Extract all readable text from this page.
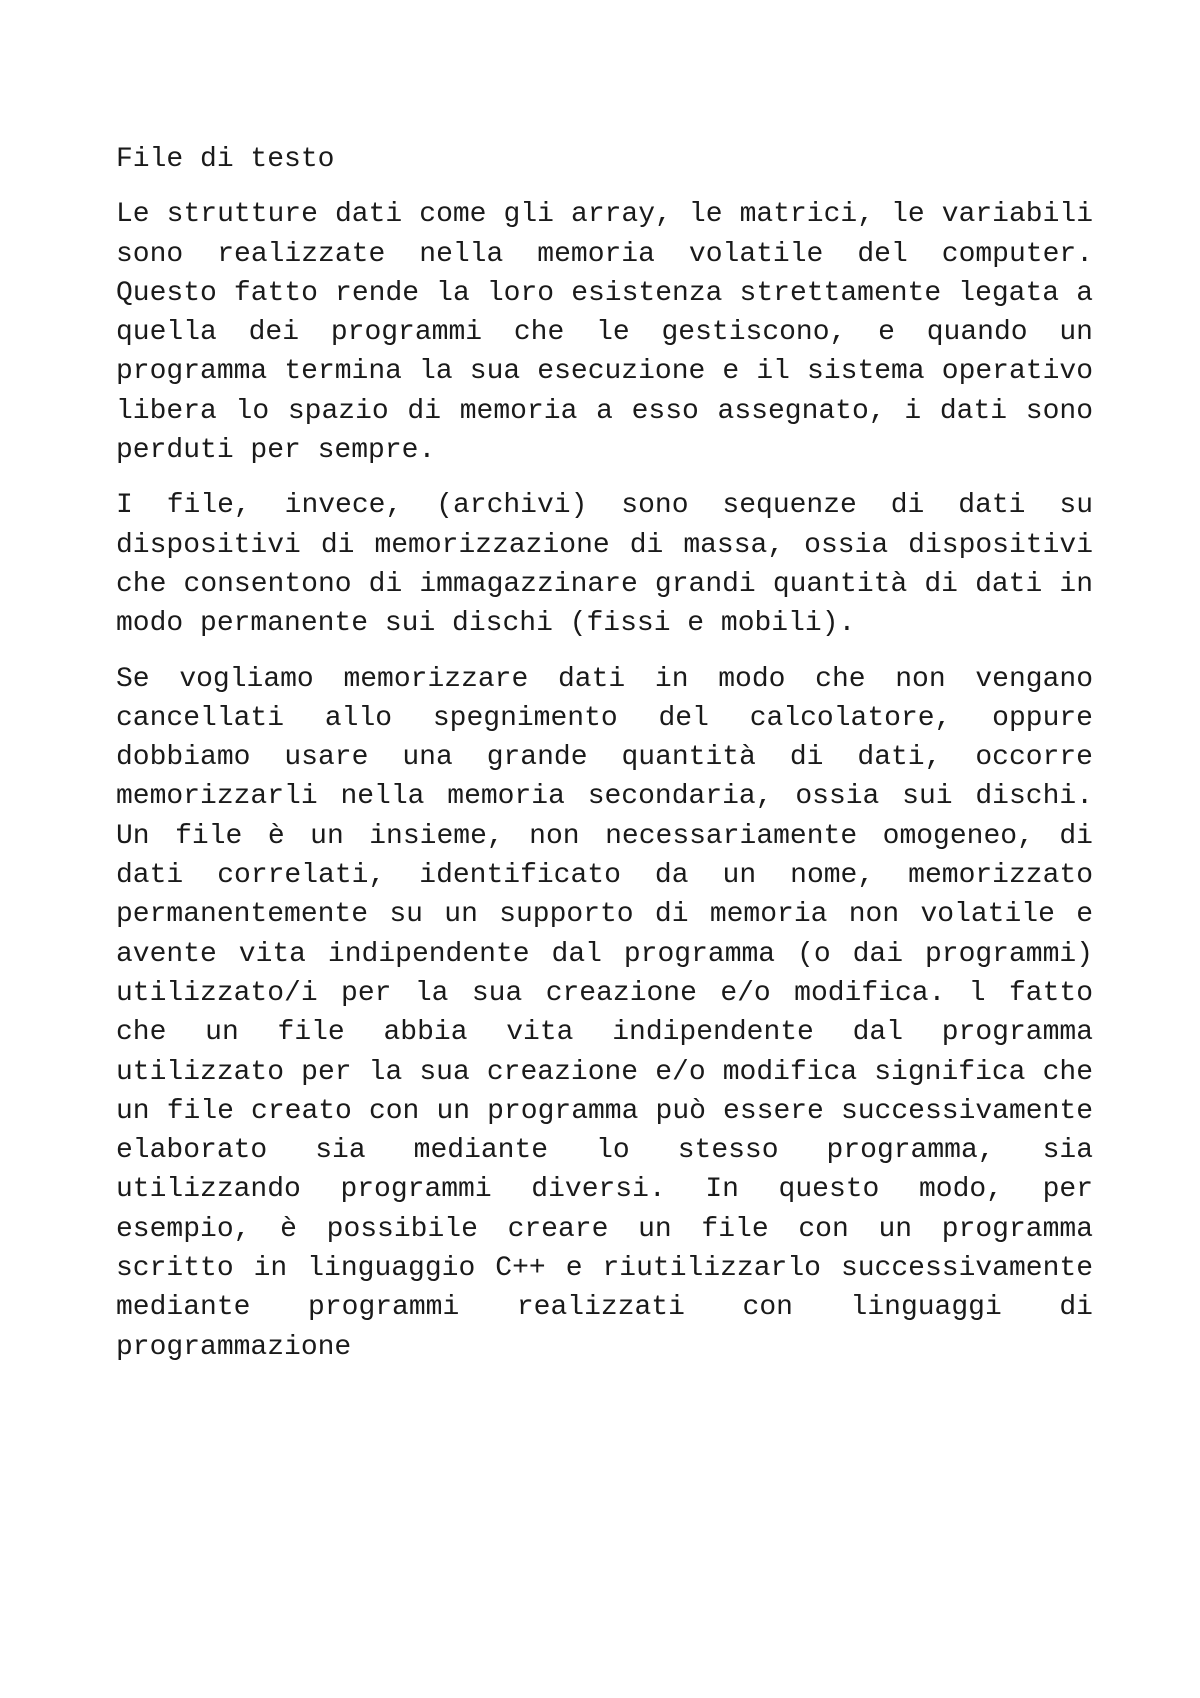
File di testo

Le strutture dati come gli array, le matrici, le variabili sono realizzate nella memoria volatile del computer. Questo fatto rende la loro esistenza strettamente legata a quella dei programmi che le gestiscono, e quando un programma termina la sua esecuzione e il sistema operativo libera lo spazio di memoria a esso assegnato, i dati sono perduti per sempre.

I file, invece, (archivi) sono sequenze di dati su dispositivi di memorizzazione di massa, ossia dispositivi che consentono di immagazzinare grandi quantità di dati in modo permanente sui dischi (fissi e mobili).

Se vogliamo memorizzare dati in modo che non vengano cancellati allo spegnimento del calcolatore, oppure dobbiamo usare una grande quantità di dati, occorre memorizzarli nella memoria secondaria, ossia sui dischi. Un file è un insieme, non necessariamente omogeneo, di dati correlati, identificato da un nome, memorizzato permanentemente su un supporto di memoria non volatile e avente vita indipendente dal programma (o dai programmi) utilizzato/i per la sua creazione e/o modifica. l fatto che un file abbia vita indipendente dal programma utilizzato per la sua creazione e/o modifica significa che un file creato con un programma può essere successivamente elaborato sia mediante lo stesso programma, sia utilizzando programmi diversi. In questo modo, per esempio, è possibile creare un file con un programma scritto in linguaggio C++ e riutilizzarlo successivamente mediante programmi realizzati con linguaggi di programmazione
